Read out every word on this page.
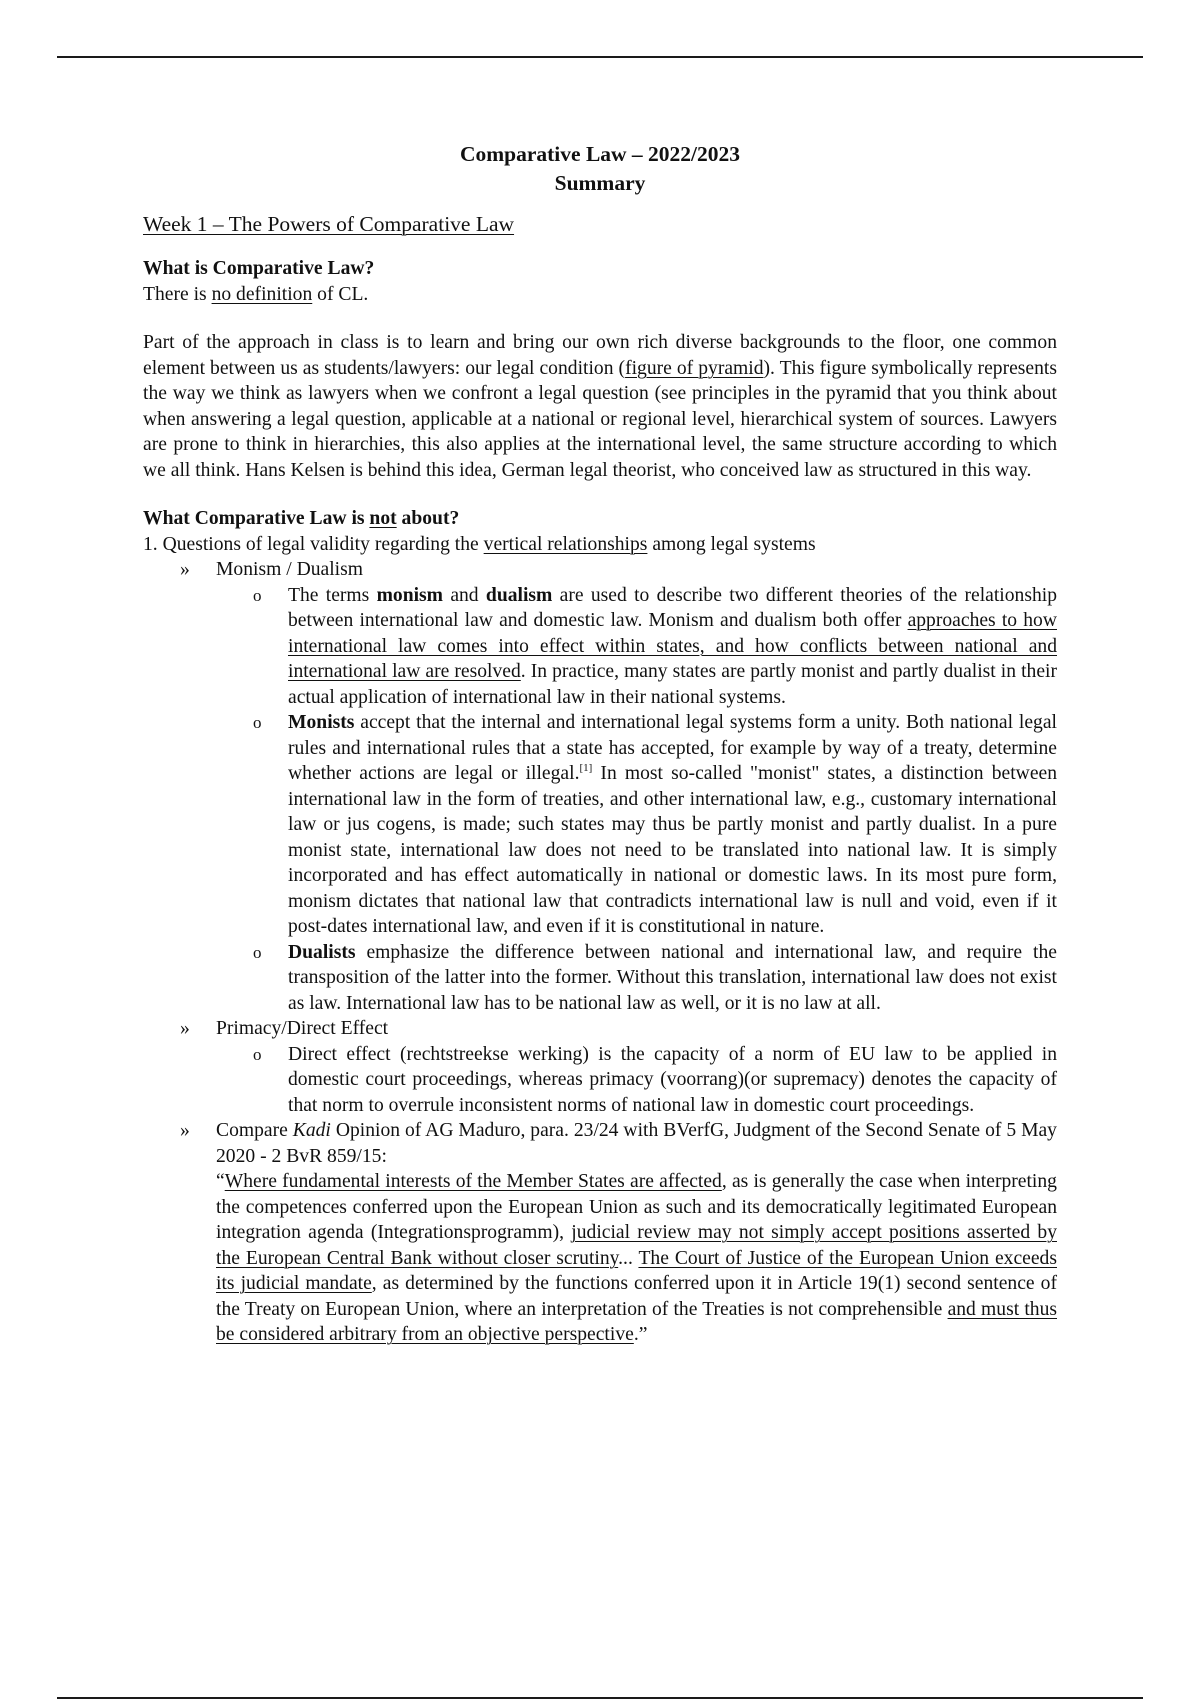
Comparative Law – 2022/2023
Summary
Week 1 – The Powers of Comparative Law
What is Comparative Law?

There is no definition of CL.

Part of the approach in class is to learn and bring our own rich diverse backgrounds to the floor, one common element between us as students/lawyers: our legal condition (figure of pyramid). This figure symbolically represents the way we think as lawyers when we confront a legal question (see principles in the pyramid that you think about when answering a legal question, applicable at a national or regional level, hierarchical system of sources. Lawyers are prone to think in hierarchies, this also applies at the international level, the same structure according to which we all think. Hans Kelsen is behind this idea, German legal theorist, who conceived law as structured in this way.

What Comparative Law is not about?

1. Questions of legal validity regarding the vertical relationships among legal systems

» Monism / Dualism
o The terms monism and dualism are used to describe two different theories of the relationship between international law and domestic law. Monism and dualism both offer approaches to how international law comes into effect within states, and how conflicts between national and international law are resolved. In practice, many states are partly monist and partly dualist in their actual application of international law in their national systems.
o Monists accept that the internal and international legal systems form a unity. Both national legal rules and international rules that a state has accepted, for example by way of a treaty, determine whether actions are legal or illegal.[1] In most so-called "monist" states, a distinction between international law in the form of treaties, and other international law, e.g., customary international law or jus cogens, is made; such states may thus be partly monist and partly dualist. In a pure monist state, international law does not need to be translated into national law. It is simply incorporated and has effect automatically in national or domestic laws. In its most pure form, monism dictates that national law that contradicts international law is null and void, even if it post-dates international law, and even if it is constitutional in nature.
o Dualists emphasize the difference between national and international law, and require the transposition of the latter into the former. Without this translation, international law does not exist as law. International law has to be national law as well, or it is no law at all.
» Primacy/Direct Effect
o Direct effect (rechtstreekse werking) is the capacity of a norm of EU law to be applied in domestic court proceedings, whereas primacy (voorrang)(or supremacy) denotes the capacity of that norm to overrule inconsistent norms of national law in domestic court proceedings.
» Compare Kadi Opinion of AG Maduro, para. 23/24 with BVerfG, Judgment of the Second Senate of 5 May 2020 - 2 BvR 859/15:
“Where fundamental interests of the Member States are affected, as is generally the case when interpreting the competences conferred upon the European Union as such and its democratically legitimated European integration agenda (Integrationsprogramm), judicial review may not simply accept positions asserted by the European Central Bank without closer scrutiny... The Court of Justice of the European Union exceeds its judicial mandate, as determined by the functions conferred upon it in Article 19(1) second sentence of the Treaty on European Union, where an interpretation of the Treaties is not comprehensible and must thus be considered arbitrary from an objective perspective.”
